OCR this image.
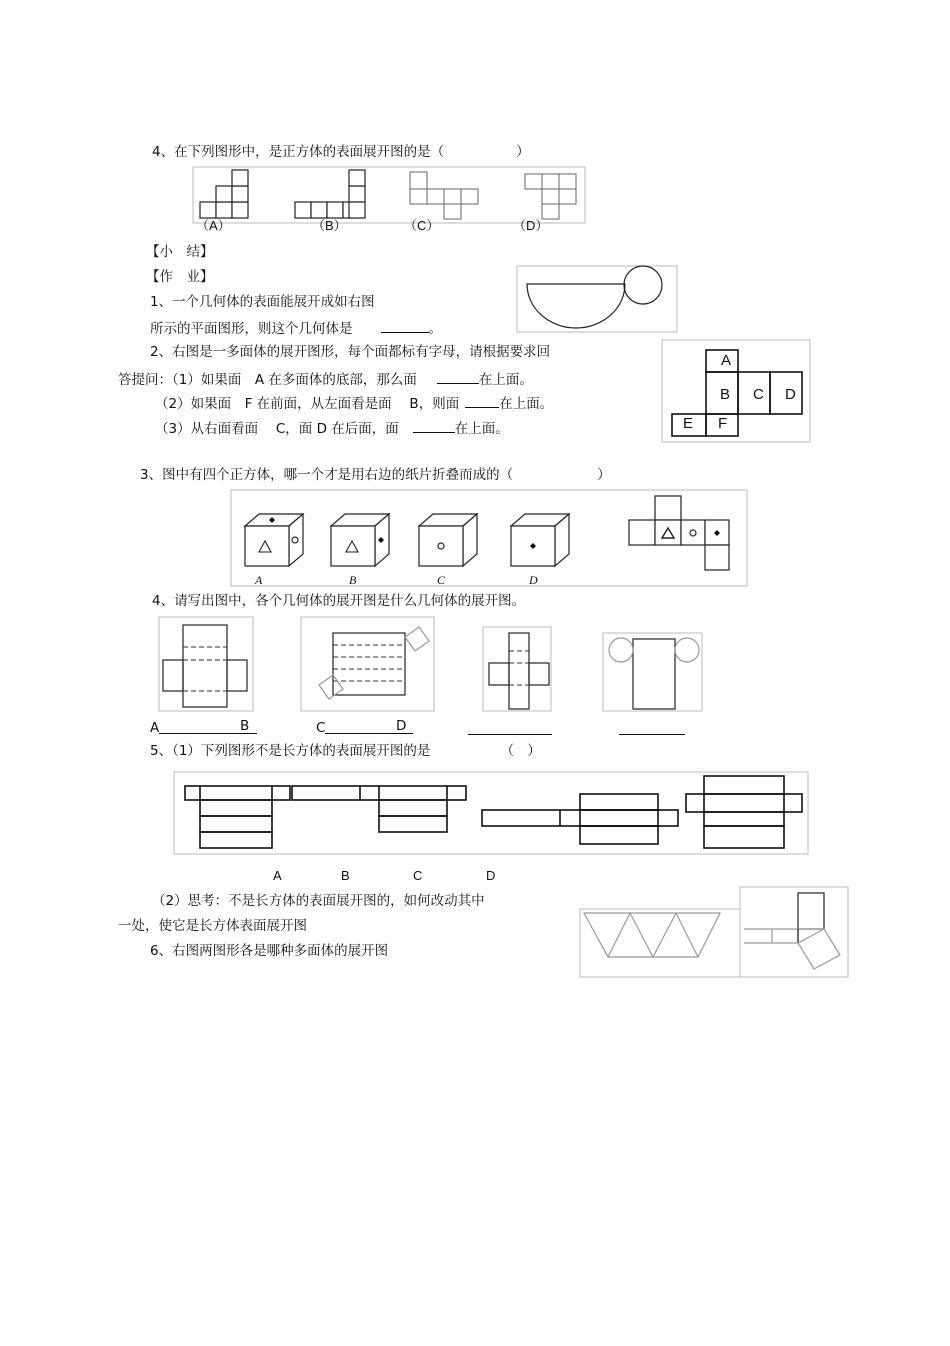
4、在下列图形中，是正方体的表面展开图的是（	）
（A）	（B）	（C）	（D）
【小　结】
【作　业】
1、一个几何体的表面能展开成如右图
所示的平面图形，则这个几何体是	。
2、右图是一多面体的展开图形，每个面都标有字母，请根据要求回
答提问：（1）如果面　A 在多面体的底部，那么面	在上面。
（2）如果面　F 在前面，从左面看是面　 B，则面	在上面。
（3）从右面看面　 C，面 D 在后面，面	在上面。
A
B C D
E F
3、图中有四个正方体，哪一个才是用右边的纸片折叠而成的（	）
A	B	C	D
4、请写出图中，各个几何体的展开图是什么几何体的展开图。
A	B	C	D
5、（1）下列图形不是长方体的表面展开图的是	（　）
A	B	C	D
（2）思考：不是长方体的表面展开图的，如何改动其中
一处，使它是长方体表面展开图
6、右图两图形各是哪种多面体的展开图
